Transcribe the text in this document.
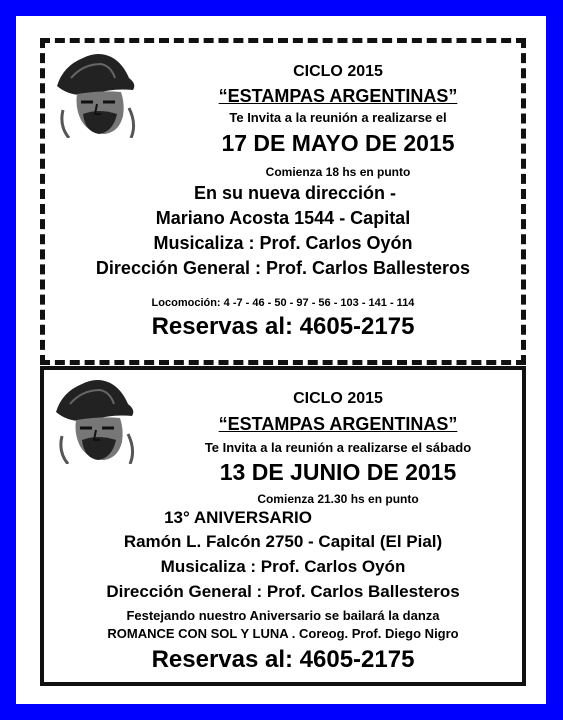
CICLO 2015
“ESTAMPAS ARGENTINAS”
Te Invita a la reunión a realizarse el
17 DE MAYO DE 2015
Comienza 18 hs en punto
En su nueva dirección -
Mariano Acosta 1544 - Capital
Musicaliza : Prof. Carlos Oyón
Dirección General : Prof. Carlos Ballesteros
Locomoción: 4 -7 - 46 - 50 - 97 - 56 - 103 - 141 - 114
Reservas al: 4605-2175
CICLO 2015
“ESTAMPAS ARGENTINAS”
Te Invita a la reunión a realizarse el sábado
13 DE JUNIO DE 2015
Comienza 21.30 hs en punto
13° ANIVERSARIO
Ramón L. Falcón 2750 - Capital (El Pial)
Musicaliza : Prof. Carlos Oyón
Dirección General : Prof. Carlos Ballesteros
Festejando nuestro Aniversario se bailará la danza
ROMANCE CON SOL Y LUNA . Coreog. Prof. Diego Nigro
Reservas al: 4605-2175
